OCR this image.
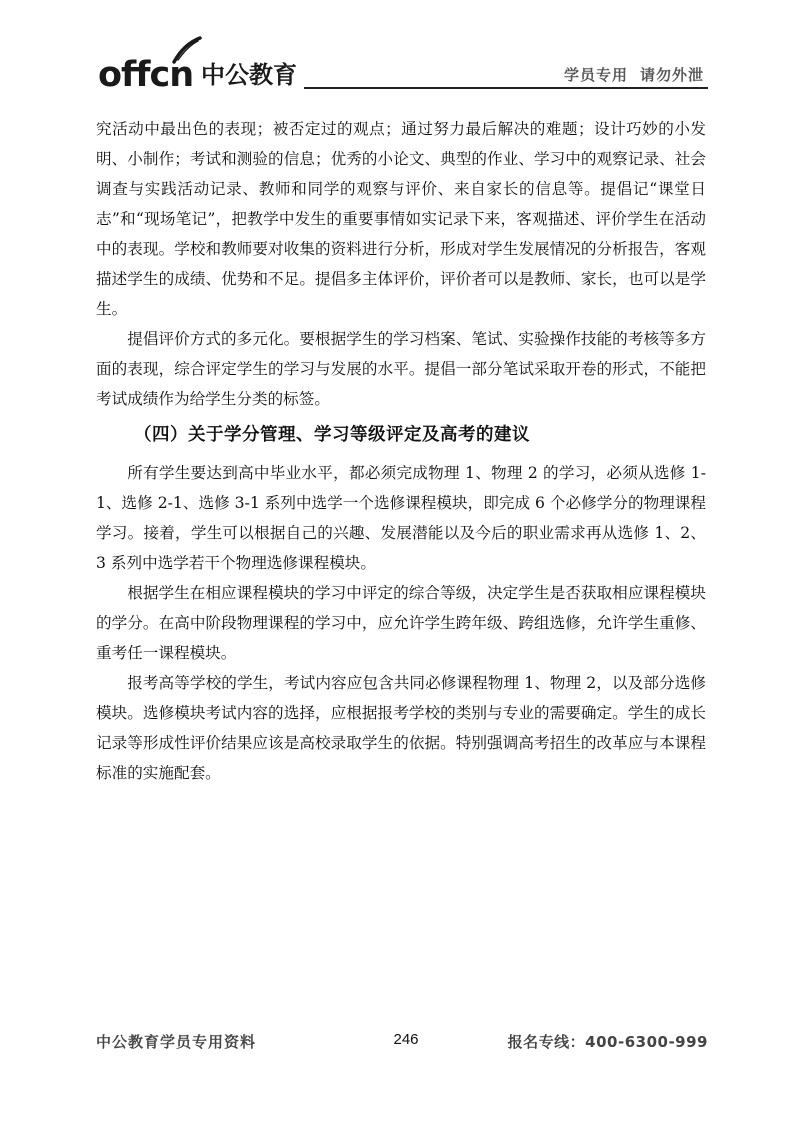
offcn 中公教育	学员专用 请勿外泄

究活动中最出色的表现；被否定过的观点；通过努力最后解决的难题；设计巧妙的小发明、小制作；考试和测验的信息；优秀的小论文、典型的作业、学习中的观察记录、社会调查与实践活动记录、教师和同学的观察与评价、来自家长的信息等。提倡记“课堂日志”和“现场笔记”，把教学中发生的重要事情如实记录下来，客观描述、评价学生在活动中的表现。学校和教师要对收集的资料进行分析，形成对学生发展情况的分析报告，客观描述学生的成绩、优势和不足。提倡多主体评价，评价者可以是教师、家长，也可以是学生。

提倡评价方式的多元化。要根据学生的学习档案、笔试、实验操作技能的考核等多方面的表现，综合评定学生的学习与发展的水平。提倡一部分笔试采取开卷的形式，不能把考试成绩作为给学生分类的标签。

（四）关于学分管理、学习等级评定及高考的建议

所有学生要达到高中毕业水平，都必须完成物理 1、物理 2 的学习，必须从选修 1-1、选修 2-1、选修 3-1 系列中选学一个选修课程模块，即完成 6 个必修学分的物理课程学习。接着，学生可以根据自己的兴趣、发展潜能以及今后的职业需求再从选修 1、2、3 系列中选学若干个物理选修课程模块。

根据学生在相应课程模块的学习中评定的综合等级，决定学生是否获取相应课程模块的学分。在高中阶段物理课程的学习中，应允许学生跨年级、跨组选修，允许学生重修、重考任一课程模块。

报考高等学校的学生，考试内容应包含共同必修课程物理 1、物理 2，以及部分选修模块。选修模块考试内容的选择，应根据报考学校的类别与专业的需要确定。学生的成长记录等形成性评价结果应该是高校录取学生的依据。特别强调高考招生的改革应与本课程标准的实施配套。

中公教育学员专用资料	246	报名专线：400-6300-999
